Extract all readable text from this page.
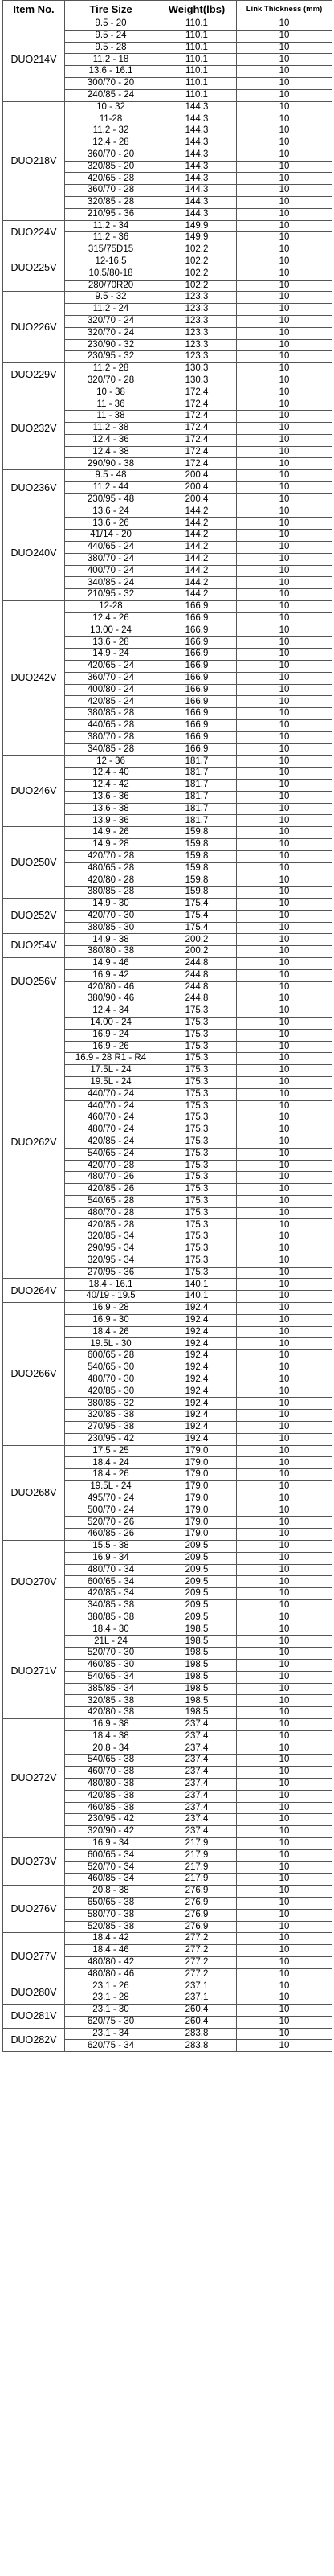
Item No.	Tire Size	Weight(lbs)	Link Thickness (mm)
DUO214V	9.5 - 20	110.1	10
	9.5 - 24	110.1	10
	9.5 - 28	110.1	10
	11.2 - 18	110.1	10
	13.6 - 16.1	110.1	10
	300/70 - 20	110.1	10
	240/85 - 24	110.1	10
DUO218V	10 - 32	144.3	10
	11-28	144.3	10
	11.2 - 32	144.3	10
	12.4 - 28	144.3	10
	360/70 - 20	144.3	10
	320/85 - 20	144.3	10
	420/65 - 28	144.3	10
	360/70 - 28	144.3	10
	320/85 - 28	144.3	10
	210/95 - 36	144.3	10
DUO224V	11.2 - 34	149.9	10
	11.2 - 36	149.9	10
DUO225V	315/75D15	102.2	10
	12-16.5	102.2	10
	10.5/80-18	102.2	10
	280/70R20	102.2	10
DUO226V	9.5 - 32	123.3	10
	11.2 - 24	123.3	10
	320/70 - 24	123.3	10
	320/70 - 24	123.3	10
	230/90 - 32	123.3	10
	230/95 - 32	123.3	10
DUO229V	11.2 - 28	130.3	10
	320/70 - 28	130.3	10
DUO232V	10 - 38	172.4	10
	11 - 36	172.4	10
	11 - 38	172.4	10
	11.2 - 38	172.4	10
	12.4 - 36	172.4	10
	12.4 - 38	172.4	10
	290/90 - 38	172.4	10
DUO236V	9.5 - 48	200.4	10
	11.2 - 44	200.4	10
	230/95 - 48	200.4	10
DUO240V	13.6 - 24	144.2	10
	13.6 - 26	144.2	10
	41/14 - 20	144.2	10
	440/65 - 24	144.2	10
	380/70 - 24	144.2	10
	400/70 - 24	144.2	10
	340/85 - 24	144.2	10
	210/95 - 32	144.2	10
DUO242V	12-28	166.9	10
	12.4 - 26	166.9	10
	13.00 - 24	166.9	10
	13.6 - 28	166.9	10
	14.9 - 24	166.9	10
	420/65 - 24	166.9	10
	360/70 - 24	166.9	10
	400/80 - 24	166.9	10
	420/85 - 24	166.9	10
	380/85 - 28	166.9	10
	440/65 - 28	166.9	10
	380/70 - 28	166.9	10
	340/85 - 28	166.9	10
DUO246V	12 - 36	181.7	10
	12.4 - 40	181.7	10
	12.4 - 42	181.7	10
	13.6 - 36	181.7	10
	13.6 - 38	181.7	10
	13.9 - 36	181.7	10
DUO250V	14.9 - 26	159.8	10
	14.9 - 28	159.8	10
	420/70 - 28	159.8	10
	480/65 - 28	159.8	10
	420/80 - 28	159.8	10
	380/85 - 28	159.8	10
DUO252V	14.9 - 30	175.4	10
	420/70 - 30	175.4	10
	380/85 - 30	175.4	10
DUO254V	14.9 - 38	200.2	10
	380/80 - 38	200.2	10
DUO256V	14.9 - 46	244.8	10
	16.9 - 42	244.8	10
	420/80 - 46	244.8	10
	380/90 - 46	244.8	10
DUO262V	12.4 - 34	175.3	10
	14.00 - 24	175.3	10
	16.9 - 24	175.3	10
	16.9 - 26	175.3	10
	16.9 - 28 R1 - R4	175.3	10
	17.5L - 24	175.3	10
	19.5L - 24	175.3	10
	440/70 - 24	175.3	10
	440/70 - 24	175.3	10
	460/70 - 24	175.3	10
	480/70 - 24	175.3	10
	420/85 - 24	175.3	10
	540/65 - 24	175.3	10
	420/70 - 28	175.3	10
	480/70 - 26	175.3	10
	420/85 - 26	175.3	10
	540/65 - 28	175.3	10
	480/70 - 28	175.3	10
	420/85 - 28	175.3	10
	320/85 - 34	175.3	10
	290/95 - 34	175.3	10
	320/95 - 34	175.3	10
	270/95 - 36	175.3	10
DUO264V	18.4 - 16.1	140.1	10
	40/19 - 19.5	140.1	10
DUO266V	16.9 - 28	192.4	10
	16.9 - 30	192.4	10
	18.4 - 26	192.4	10
	19.5L - 30	192.4	10
	600/65 - 28	192.4	10
	540/65 - 30	192.4	10
	480/70 - 30	192.4	10
	420/85 - 30	192.4	10
	380/85 - 32	192.4	10
	320/85 - 38	192.4	10
	270/95 - 38	192.4	10
	230/95 - 42	192.4	10
DUO268V	17.5 - 25	179.0	10
	18.4 - 24	179.0	10
	18.4 - 26	179.0	10
	19.5L - 24	179.0	10
	495/70 - 24	179.0	10
	500/70 - 24	179.0	10
	520/70 - 26	179.0	10
	460/85 - 26	179.0	10
DUO270V	15.5 - 38	209.5	10
	16.9 - 34	209.5	10
	480/70 - 34	209.5	10
	600/65 - 34	209.5	10
	420/85 - 34	209.5	10
	340/85 - 38	209.5	10
	380/85 - 38	209.5	10
DUO271V	18.4 - 30	198.5	10
	21L - 24	198.5	10
	520/70 - 30	198.5	10
	460/85 - 30	198.5	10
	540/65 - 34	198.5	10
	385/85 - 34	198.5	10
	320/85 - 38	198.5	10
	420/80 - 38	198.5	10
DUO272V	16.9 - 38	237.4	10
	18.4 - 38	237.4	10
	20.8 - 34	237.4	10
	540/65 - 38	237.4	10
	460/70 - 38	237.4	10
	480/80 - 38	237.4	10
	420/85 - 38	237.4	10
	460/85 - 38	237.4	10
	230/95 - 42	237.4	10
	320/90 - 42	237.4	10
DUO273V	16.9 - 34	217.9	10
	600/65 - 34	217.9	10
	520/70 - 34	217.9	10
	460/85 - 34	217.9	10
DUO276V	20.8 - 38	276.9	10
	650/65 - 38	276.9	10
	580/70 - 38	276.9	10
	520/85 - 38	276.9	10
DUO277V	18.4 - 42	277.2	10
	18.4 - 46	277.2	10
	480/80 - 42	277.2	10
	480/80 - 46	277.2	10
DUO280V	23.1 - 26	237.1	10
	23.1 - 28	237.1	10
DUO281V	23.1 - 30	260.4	10
	620/75 - 30	260.4	10
DUO282V	23.1 - 34	283.8	10
	620/75 - 34	283.8	10
